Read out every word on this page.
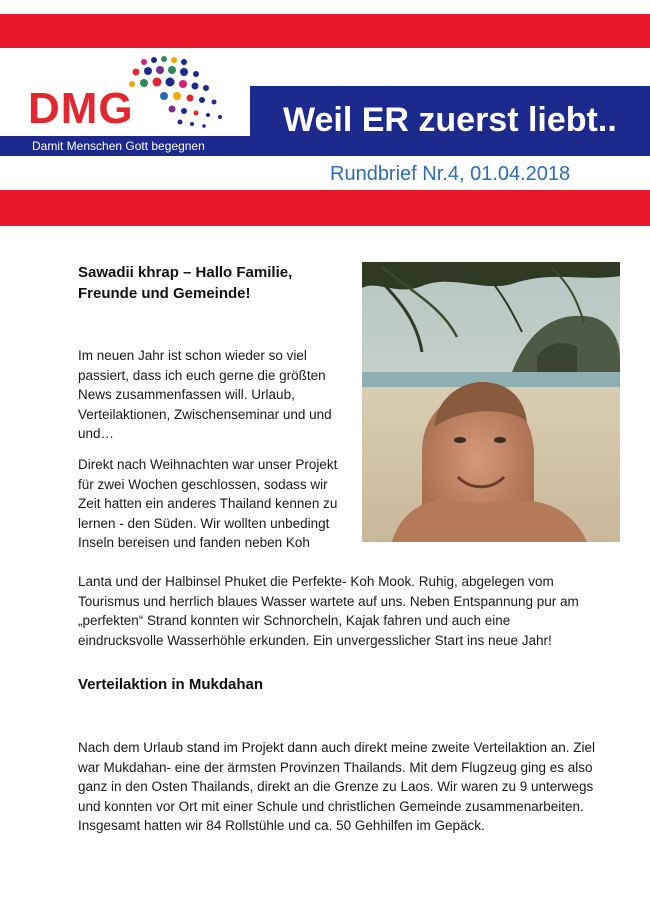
DMG
Damit Menschen Gott begegnen
Weil ER zuerst liebt..
Rundbrief Nr.4, 01.04.2018
Sawadii khrap – Hallo Familie,
Freunde und Gemeinde!
Im neuen Jahr ist schon wieder so viel
passiert, dass ich euch gerne die größten
News zusammenfassen will. Urlaub,
Verteilaktionen, Zwischenseminar und und
und…
Direkt nach Weihnachten war unser Projekt
für zwei Wochen geschlossen, sodass wir
Zeit hatten ein anderes Thailand kennen zu
lernen - den Süden. Wir wollten unbedingt
Inseln bereisen und fanden neben Koh
Lanta und der Halbinsel Phuket die Perfekte- Koh Mook. Ruhig, abgelegen vom
Tourismus und herrlich blaues Wasser wartete auf uns. Neben Entspannung pur am
„perfekten“ Strand konnten wir Schnorcheln, Kajak fahren und auch eine
eindrucksvolle Wasserhöhle erkunden. Ein unvergesslicher Start ins neue Jahr!
Verteilaktion in Mukdahan
Nach dem Urlaub stand im Projekt dann auch direkt meine zweite Verteilaktion an. Ziel
war Mukdahan- eine der ärmsten Provinzen Thailands. Mit dem Flugzeug ging es also
ganz in den Osten Thailands, direkt an die Grenze zu Laos. Wir waren zu 9 unterwegs
und konnten vor Ort mit einer Schule und christlichen Gemeinde zusammenarbeiten.
Insgesamt hatten wir 84 Rollstühle und ca. 50 Gehhilfen im Gepäck.
